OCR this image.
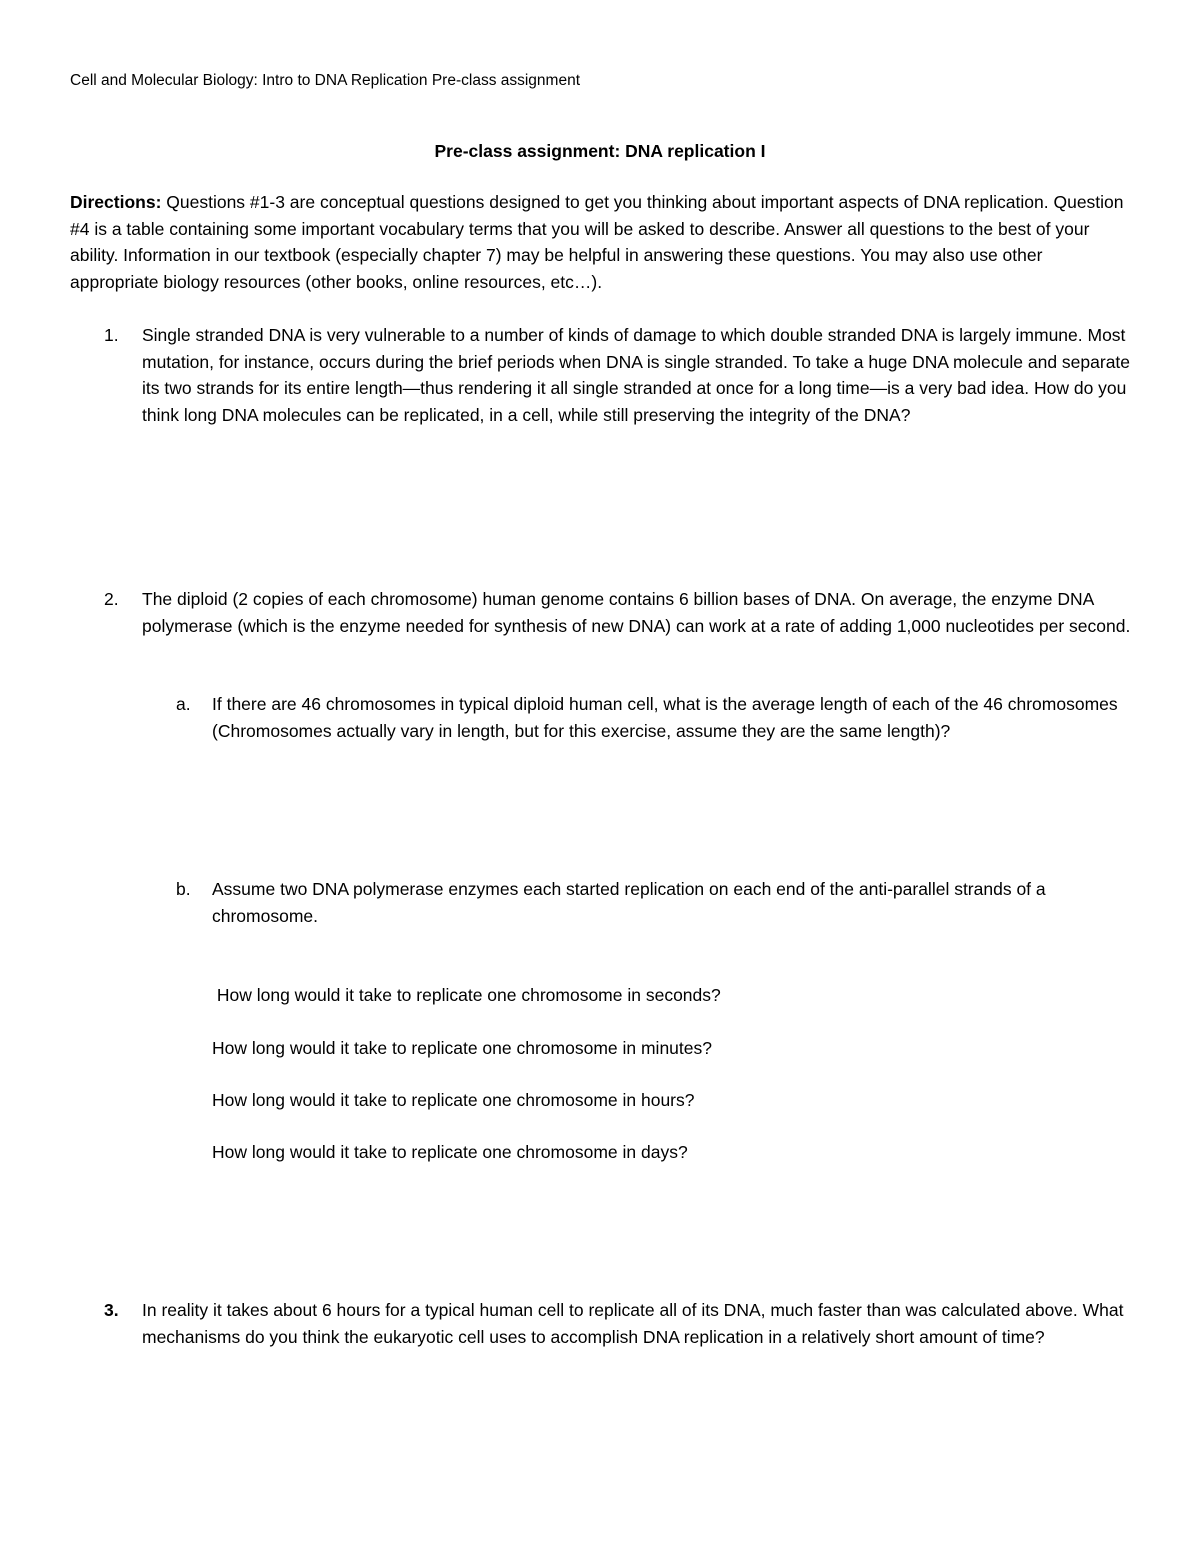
Cell and Molecular Biology: Intro to DNA Replication Pre-class assignment
Pre-class assignment: DNA replication I
Directions: Questions #1-3 are conceptual questions designed to get you thinking about important aspects of DNA replication. Question #4 is a table containing some important vocabulary terms that you will be asked to describe. Answer all questions to the best of your ability. Information in our textbook (especially chapter 7) may be helpful in answering these questions. You may also use other appropriate biology resources (other books, online resources, etc…).
1.	Single stranded DNA is very vulnerable to a number of kinds of damage to which double stranded DNA is largely immune. Most mutation, for instance, occurs during the brief periods when DNA is single stranded. To take a huge DNA molecule and separate its two strands for its entire length—thus rendering it all single stranded at once for a long time—is a very bad idea. How do you think long DNA molecules can be replicated, in a cell, while still preserving the integrity of the DNA?
2.	The diploid (2 copies of each chromosome) human genome contains 6 billion bases of DNA. On average, the enzyme DNA polymerase (which is the enzyme needed for synthesis of new DNA) can work at a rate of adding 1,000 nucleotides per second.
a.	If there are 46 chromosomes in typical diploid human cell, what is the average length of each of the 46 chromosomes (Chromosomes actually vary in length, but for this exercise, assume they are the same length)?
b.	Assume two DNA polymerase enzymes each started replication on each end of the anti-parallel strands of a chromosome.
How long would it take to replicate one chromosome in seconds?
How long would it take to replicate one chromosome in minutes?
How long would it take to replicate one chromosome in hours?
How long would it take to replicate one chromosome in days?
3.	In reality it takes about 6 hours for a typical human cell to replicate all of its DNA, much faster than was calculated above. What mechanisms do you think the eukaryotic cell uses to accomplish DNA replication in a relatively short amount of time?
